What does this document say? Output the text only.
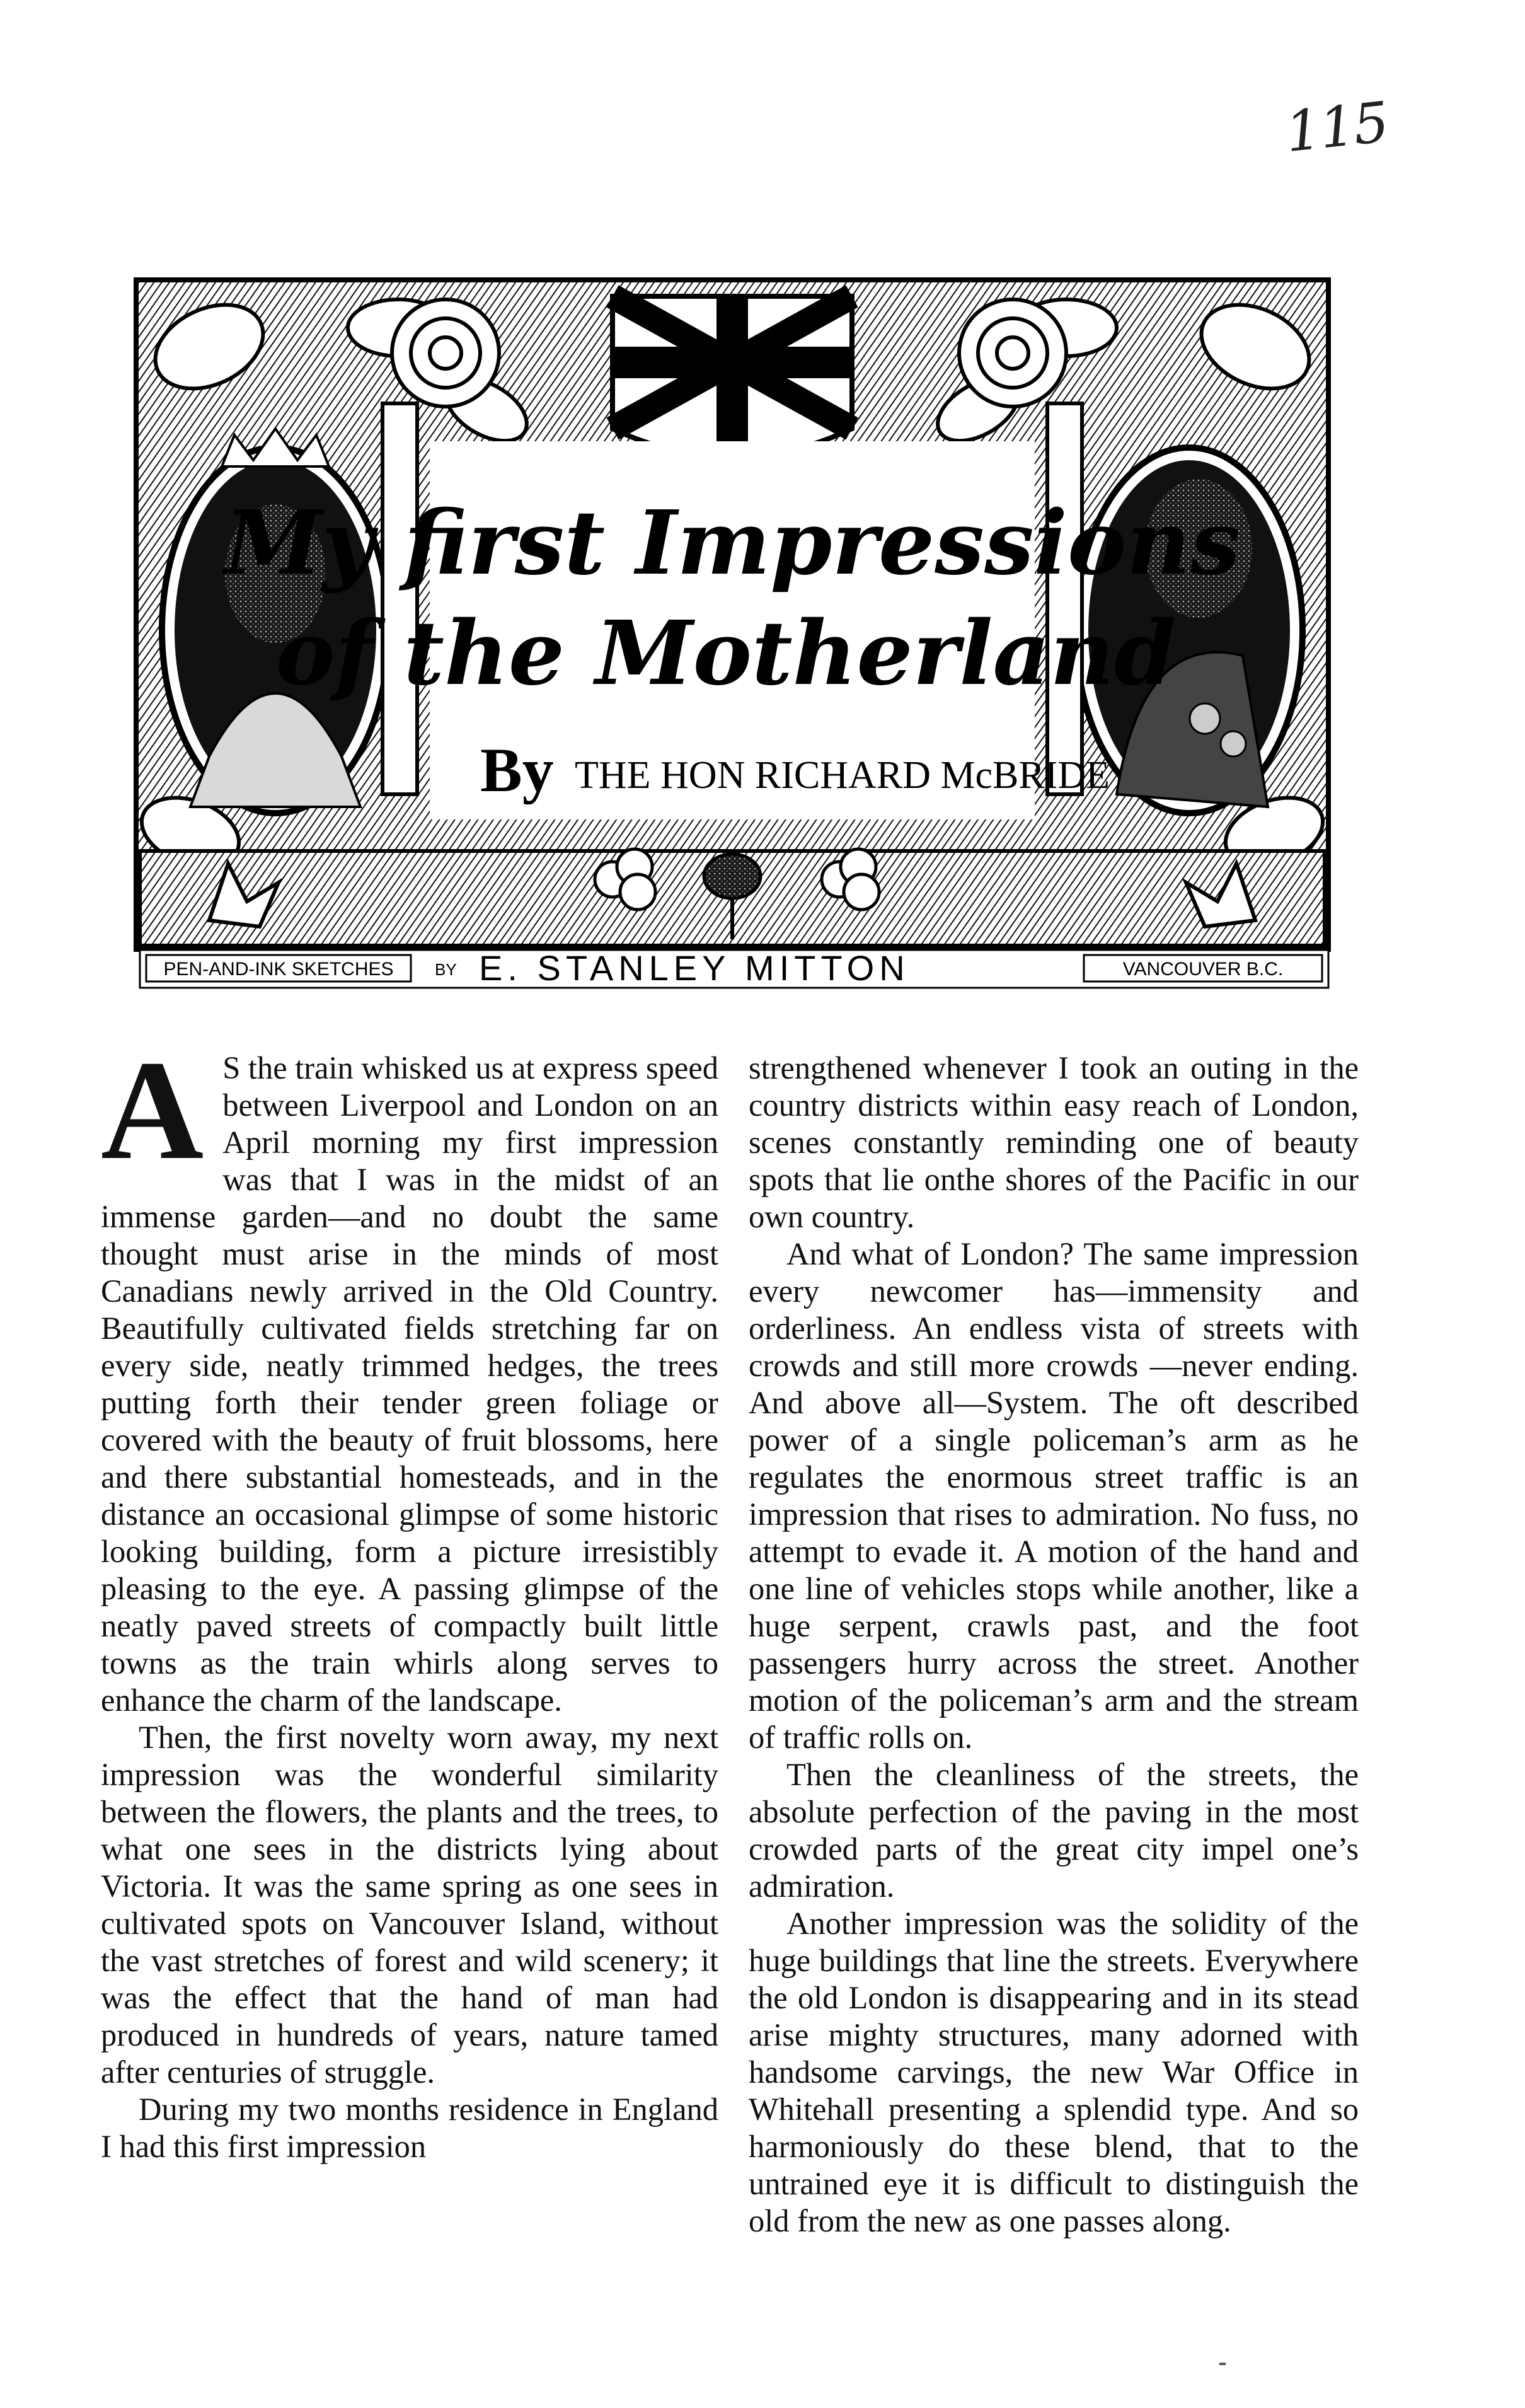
115
My first Impressions
of the Motherland
By THE HON RICHARD McBRIDE
PEN-AND-INK SKETCHES	BY E. STANLEY MITTON	VANCOUVER B.C.

A S the train whisked us at express speed between Liverpool and London on an April morning my first impression was that I was in the midst of an immense garden—and no doubt the same thought must arise in the minds of most Canadians newly arrived in the Old Country. Beautifully cultivated fields stretching far on every side, neatly trimmed hedges, the trees putting forth their tender green foliage or covered with the beauty of fruit blossoms, here and there substantial homesteads, and in the distance an occasional glimpse of some historic looking building, form a picture irresistibly pleasing to the eye. A passing glimpse of the neatly paved streets of compactly built little towns as the train whirls along serves to enhance the charm of the landscape.

Then, the first novelty worn away, my next impression was the wonderful similarity between the flowers, the plants and the trees, to what one sees in the districts lying about Victoria. It was the same spring as one sees in cultivated spots on Vancouver Island, without the vast stretches of forest and wild scenery; it was the effect that the hand of man had produced in hundreds of years, nature tamed after centuries of struggle.

During my two months residence in England I had this first impression

strengthened whenever I took an outing in the country districts within easy reach of London, scenes constantly reminding one of beauty spots that lie onthe shores of the Pacific in our own country.

And what of London? The same impression every newcomer has—immensity and orderliness. An endless vista of streets with crowds and still more crowds —never ending. And above all—System. The oft described power of a single policeman’s arm as he regulates the enormous street traffic is an impression that rises to admiration. No fuss, no attempt to evade it. A motion of the hand and one line of vehicles stops while another, like a huge serpent, crawls past, and the foot passengers hurry across the street. Another motion of the policeman’s arm and the stream of traffic rolls on.

Then the cleanliness of the streets, the absolute perfection of the paving in the most crowded parts of the great city impel one’s admiration.

Another impression was the solidity of the huge buildings that line the streets. Everywhere the old London is disappearing and in its stead arise mighty structures, many adorned with handsome carvings, the new War Office in Whitehall presenting a splendid type. And so harmoniously do these blend, that to the untrained eye it is difficult to distinguish the old from the new as one passes along.
